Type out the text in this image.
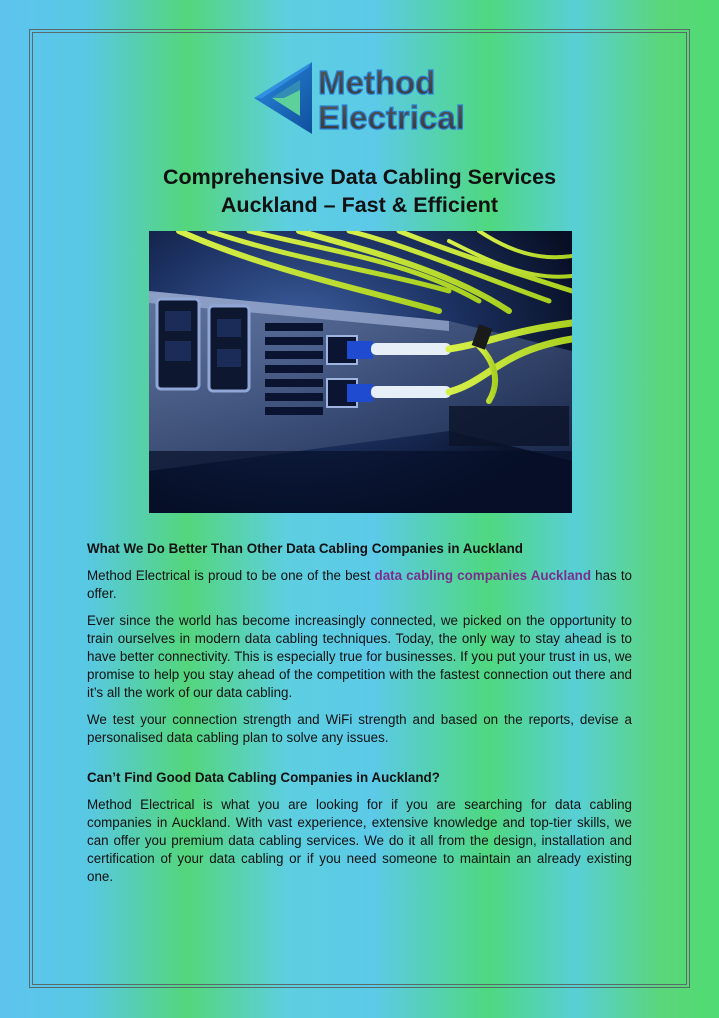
Method
Electrical
Comprehensive Data Cabling Services
Auckland – Fast & Efficient
What We Do Better Than Other Data Cabling Companies in Auckland

Method Electrical is proud to be one of the best data cabling companies Auckland has to offer.

Ever since the world has become increasingly connected, we picked on the opportunity to train ourselves in modern data cabling techniques. Today, the only way to stay ahead is to have better connectivity. This is especially true for businesses. If you put your trust in us, we promise to help you stay ahead of the competition with the fastest connection out there and it’s all the work of our data cabling.

We test your connection strength and WiFi strength and based on the reports, devise a personalised data cabling plan to solve any issues.

Can’t Find Good Data Cabling Companies in Auckland?

Method Electrical is what you are looking for if you are searching for data cabling companies in Auckland. With vast experience, extensive knowledge and top-tier skills, we can offer you premium data cabling services. We do it all from the design, installation and certification of your data cabling or if you need someone to maintain an already existing one.
